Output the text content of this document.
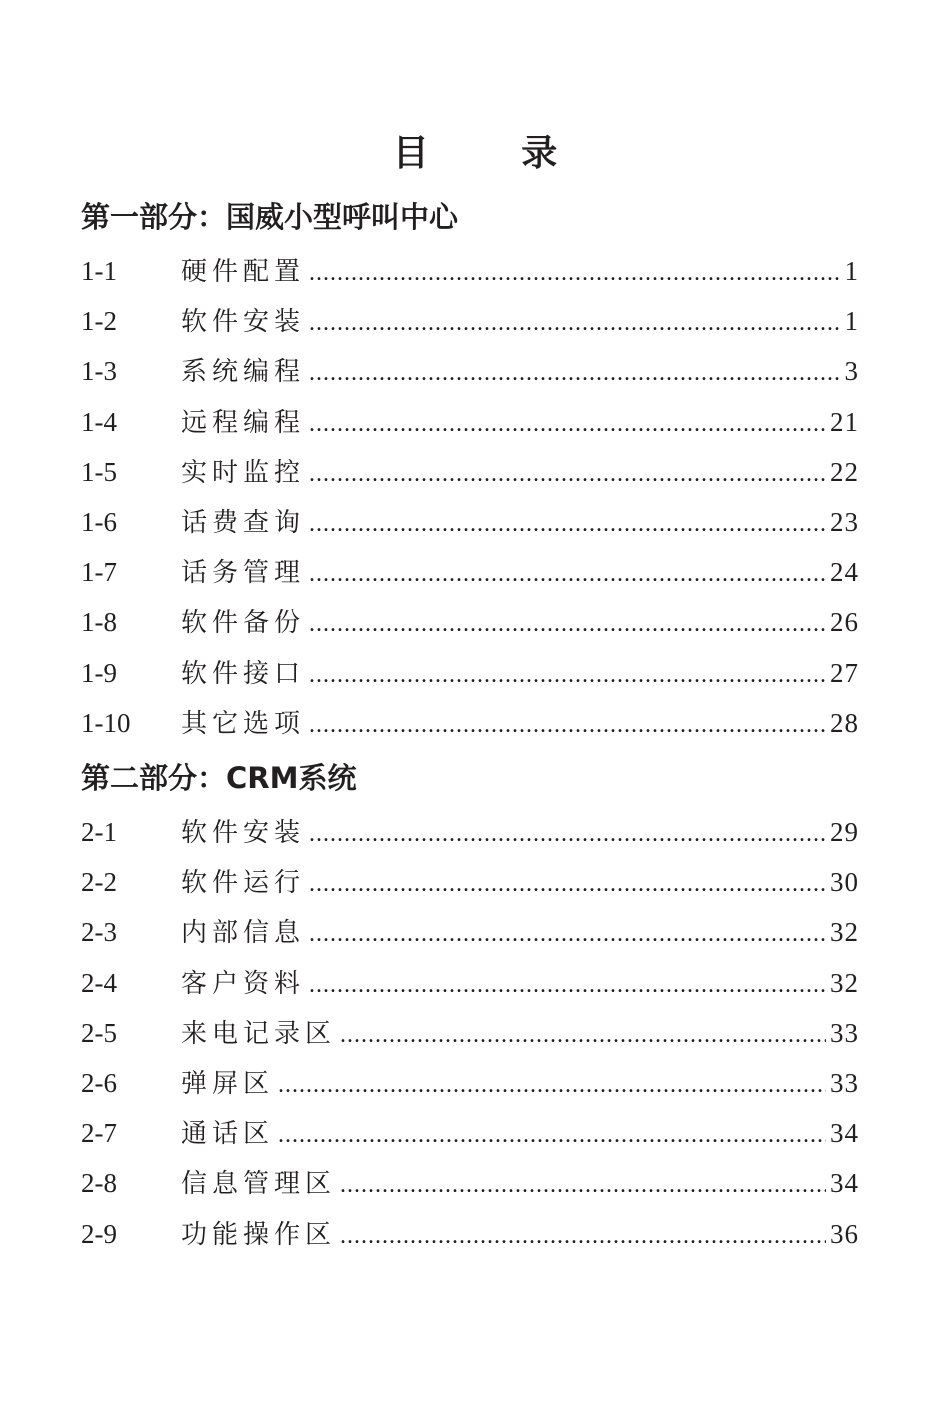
目 录
第一部分：国威小型呼叫中心
1-1	硬件配置 .....	1
1-2	软件安装 .....	1
1-3	系统编程 .....	3
1-4	远程编程 .....	21
1-5	实时监控 .....	22
1-6	话费查询 .....	23
1-7	话务管理 .....	24
1-8	软件备份 .....	26
1-9	软件接口 .....	27
1-10	其它选项 .....	28
第二部分：CRM系统
2-1	软件安装 .....	29
2-2	软件运行 .....	30
2-3	内部信息 .....	32
2-4	客户资料 .....	32
2-5	来电记录区 .....	33
2-6	弹屏区 .....	33
2-7	通话区 .....	34
2-8	信息管理区 .....	34
2-9	功能操作区 .....	36
